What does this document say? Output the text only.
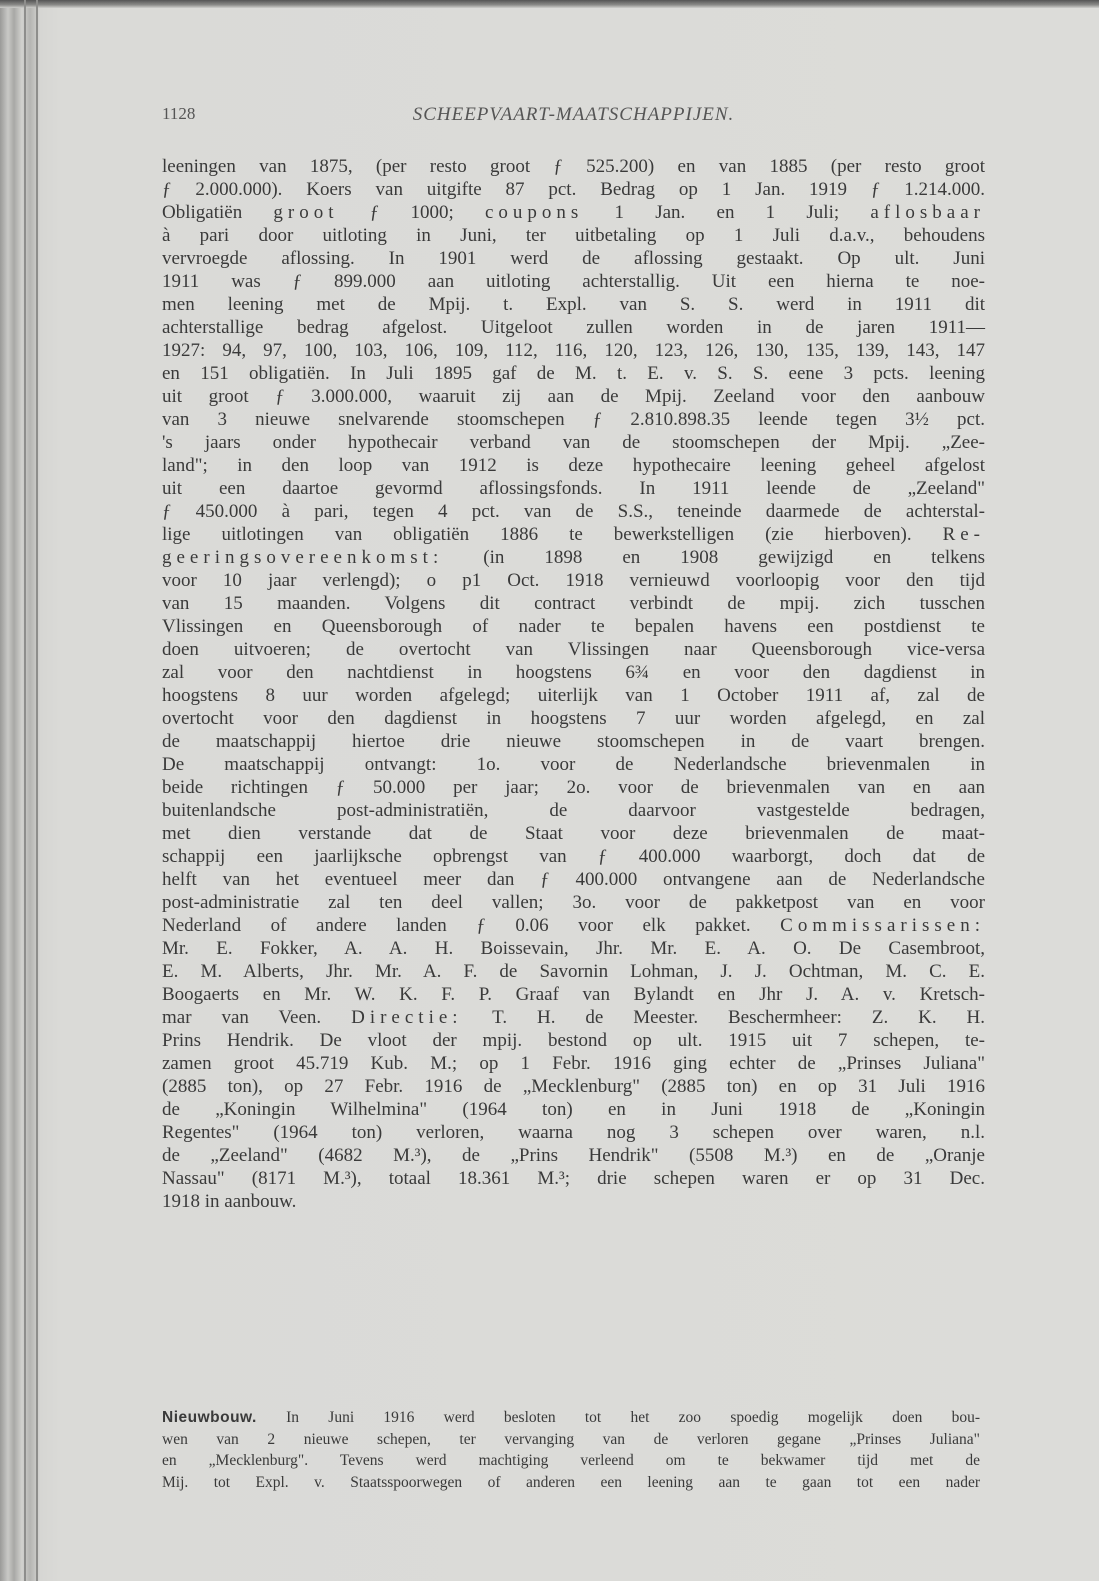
1128	SCHEEPVAART-MAATSCHAPPIJEN.
leeningen van 1875, (per resto groot ƒ 525.200) en van 1885 (per resto groot
ƒ 2.000.000). Koers van uitgifte 87 pct. Bedrag op 1 Jan. 1919 ƒ 1.214.000.
Obligatiën groot ƒ 1000; coupons 1 Jan. en 1 Juli; aflosbaar
à pari door uitloting in Juni, ter uitbetaling op 1 Juli d.a.v., behoudens
vervroegde aflossing. In 1901 werd de aflossing gestaakt. Op ult. Juni
1911 was ƒ 899.000 aan uitloting achterstallig. Uit een hierna te noe-
men leening met de Mpij. t. Expl. van S. S. werd in 1911 dit
achterstallige bedrag afgelost. Uitgeloot zullen worden in de jaren 1911—
1927: 94, 97, 100, 103, 106, 109, 112, 116, 120, 123, 126, 130, 135, 139, 143, 147
en 151 obligatiën. In Juli 1895 gaf de M. t. E. v. S. S. eene 3 pcts. leening
uit groot ƒ 3.000.000, waaruit zij aan de Mpij. Zeeland voor den aanbouw
van 3 nieuwe snelvarende stoomschepen ƒ 2.810.898.35 leende tegen 3½ pct.
's jaars onder hypothecair verband van de stoomschepen der Mpij. „Zee-
land"; in den loop van 1912 is deze hypothecaire leening geheel afgelost
uit een daartoe gevormd aflossingsfonds. In 1911 leende de „Zeeland"
ƒ 450.000 à pari, tegen 4 pct. van de S.S., teneinde daarmede de achterstal-
lige uitlotingen van obligatiën 1886 te bewerkstelligen (zie hierboven). Re-
geeringsovereenkomst: (in 1898 en 1908 gewijzigd en telkens
voor 10 jaar verlengd); o p1 Oct. 1918 vernieuwd voorloopig voor den tijd
van 15 maanden. Volgens dit contract verbindt de mpij. zich tusschen
Vlissingen en Queensborough of nader te bepalen havens een postdienst te
doen uitvoeren; de overtocht van Vlissingen naar Queensborough vice-versa
zal voor den nachtdienst in hoogstens 6¾ en voor den dagdienst in
hoogstens 8 uur worden afgelegd; uiterlijk van 1 October 1911 af, zal de
overtocht voor den dagdienst in hoogstens 7 uur worden afgelegd, en zal
de maatschappij hiertoe drie nieuwe stoomschepen in de vaart brengen.
De maatschappij ontvangt: 1o. voor de Nederlandsche brievenmalen in
beide richtingen ƒ 50.000 per jaar; 2o. voor de brievenmalen van en aan
buitenlandsche post-administratiën, de daarvoor vastgestelde bedragen,
met dien verstande dat de Staat voor deze brievenmalen de maat-
schappij een jaarlijksche opbrengst van ƒ 400.000 waarborgt, doch dat de
helft van het eventueel meer dan ƒ 400.000 ontvangene aan de Nederlandsche
post-administratie zal ten deel vallen; 3o. voor de pakketpost van en voor
Nederland of andere landen ƒ 0.06 voor elk pakket. Commissarissen:
Mr. E. Fokker, A. A. H. Boissevain, Jhr. Mr. E. A. O. De Casembroot,
E. M. Alberts, Jhr. Mr. A. F. de Savornin Lohman, J. J. Ochtman, M. C. E.
Boogaerts en Mr. W. K. F. P. Graaf van Bylandt en Jhr J. A. v. Kretsch-
mar van Veen. Directie: T. H. de Meester. Beschermheer: Z. K. H.
Prins Hendrik. De vloot der mpij. bestond op ult. 1915 uit 7 schepen, te-
zamen groot 45.719 Kub. M.; op 1 Febr. 1916 ging echter de „Prinses Juliana"
(2885 ton), op 27 Febr. 1916 de „Mecklenburg" (2885 ton) en op 31 Juli 1916
de „Koningin Wilhelmina" (1964 ton) en in Juni 1918 de „Koningin
Regentes" (1964 ton) verloren, waarna nog 3 schepen over waren, n.l.
de „Zeeland" (4682 M.³), de „Prins Hendrik" (5508 M.³) en de „Oranje
Nassau" (8171 M.³), totaal 18.361 M.³; drie schepen waren er op 31 Dec.
1918 in aanbouw.
Nieuwbouw. In Juni 1916 werd besloten tot het zoo spoedig mogelijk doen bou-
wen van 2 nieuwe schepen, ter vervanging van de verloren gegane „Prinses Juliana"
en „Mecklenburg". Tevens werd machtiging verleend om te bekwamer tijd met de
Mij. tot Expl. v. Staatsspoorwegen of anderen een leening aan te gaan tot een nader
